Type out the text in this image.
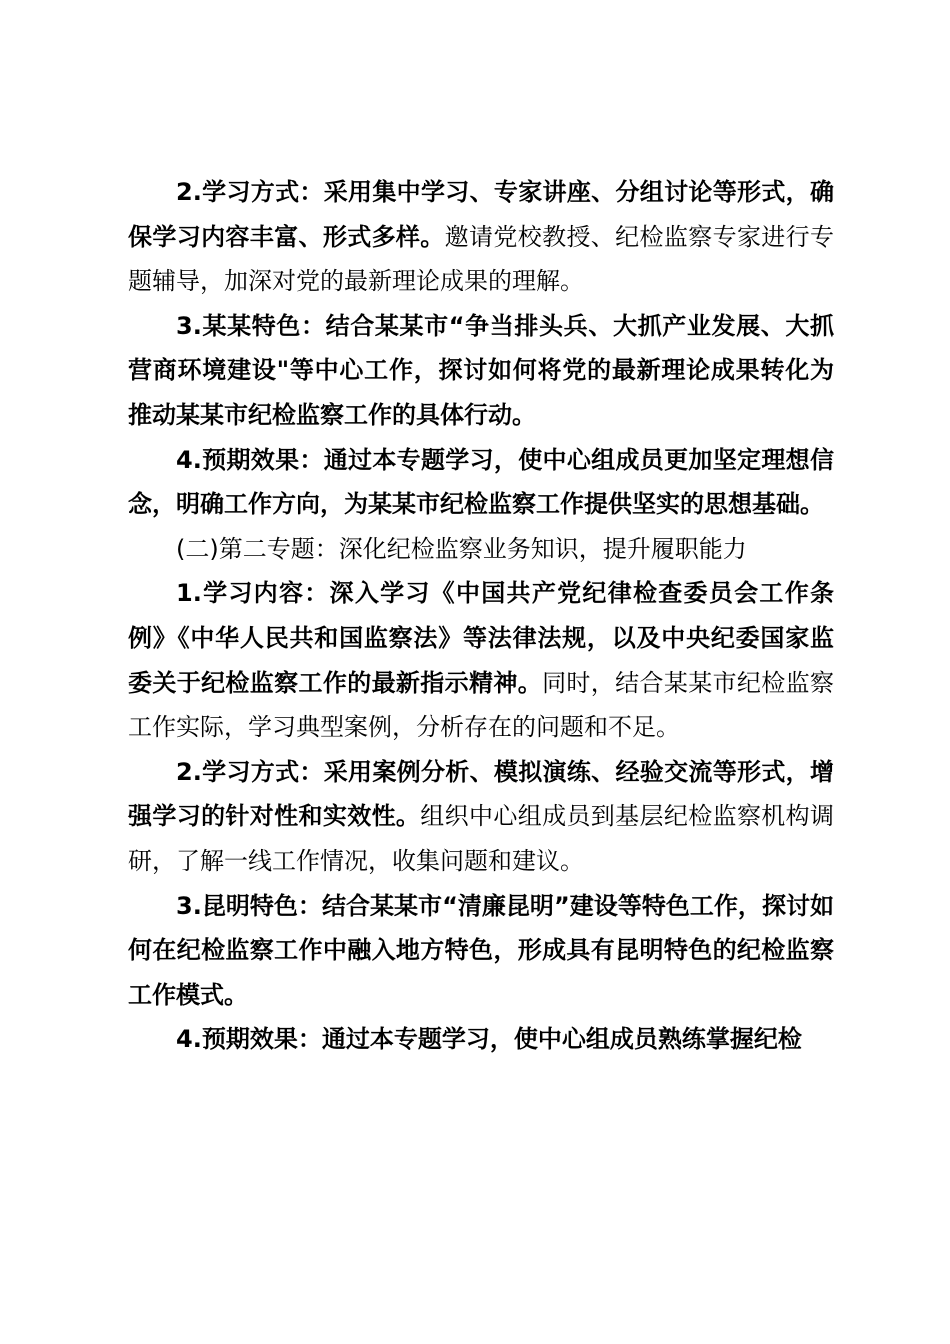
2.学习方式：采用集中学习、专家讲座、分组讨论等形式，确保学习内容丰富、形式多样。邀请党校教授、纪检监察专家进行专题辅导，加深对党的最新理论成果的理解。

3.某某特色：结合某某市“争当排头兵、大抓产业发展、大抓营商环境建设"等中心工作，探讨如何将党的最新理论成果转化为推动某某市纪检监察工作的具体行动。

4.预期效果：通过本专题学习，使中心组成员更加坚定理想信念，明确工作方向，为某某市纪检监察工作提供坚实的思想基础。

(二)第二专题：深化纪检监察业务知识，提升履职能力

1.学习内容：深入学习《中国共产党纪律检查委员会工作条例》《中华人民共和国监察法》等法律法规，以及中央纪委国家监委关于纪检监察工作的最新指示精神。同时，结合某某市纪检监察工作实际，学习典型案例，分析存在的问题和不足。

2.学习方式：采用案例分析、模拟演练、经验交流等形式，增强学习的针对性和实效性。组织中心组成员到基层纪检监察机构调研，了解一线工作情况，收集问题和建议。

3.昆明特色：结合某某市“清廉昆明”建设等特色工作，探讨如何在纪检监察工作中融入地方特色，形成具有昆明特色的纪检监察工作模式。

4.预期效果：通过本专题学习，使中心组成员熟练掌握纪检
